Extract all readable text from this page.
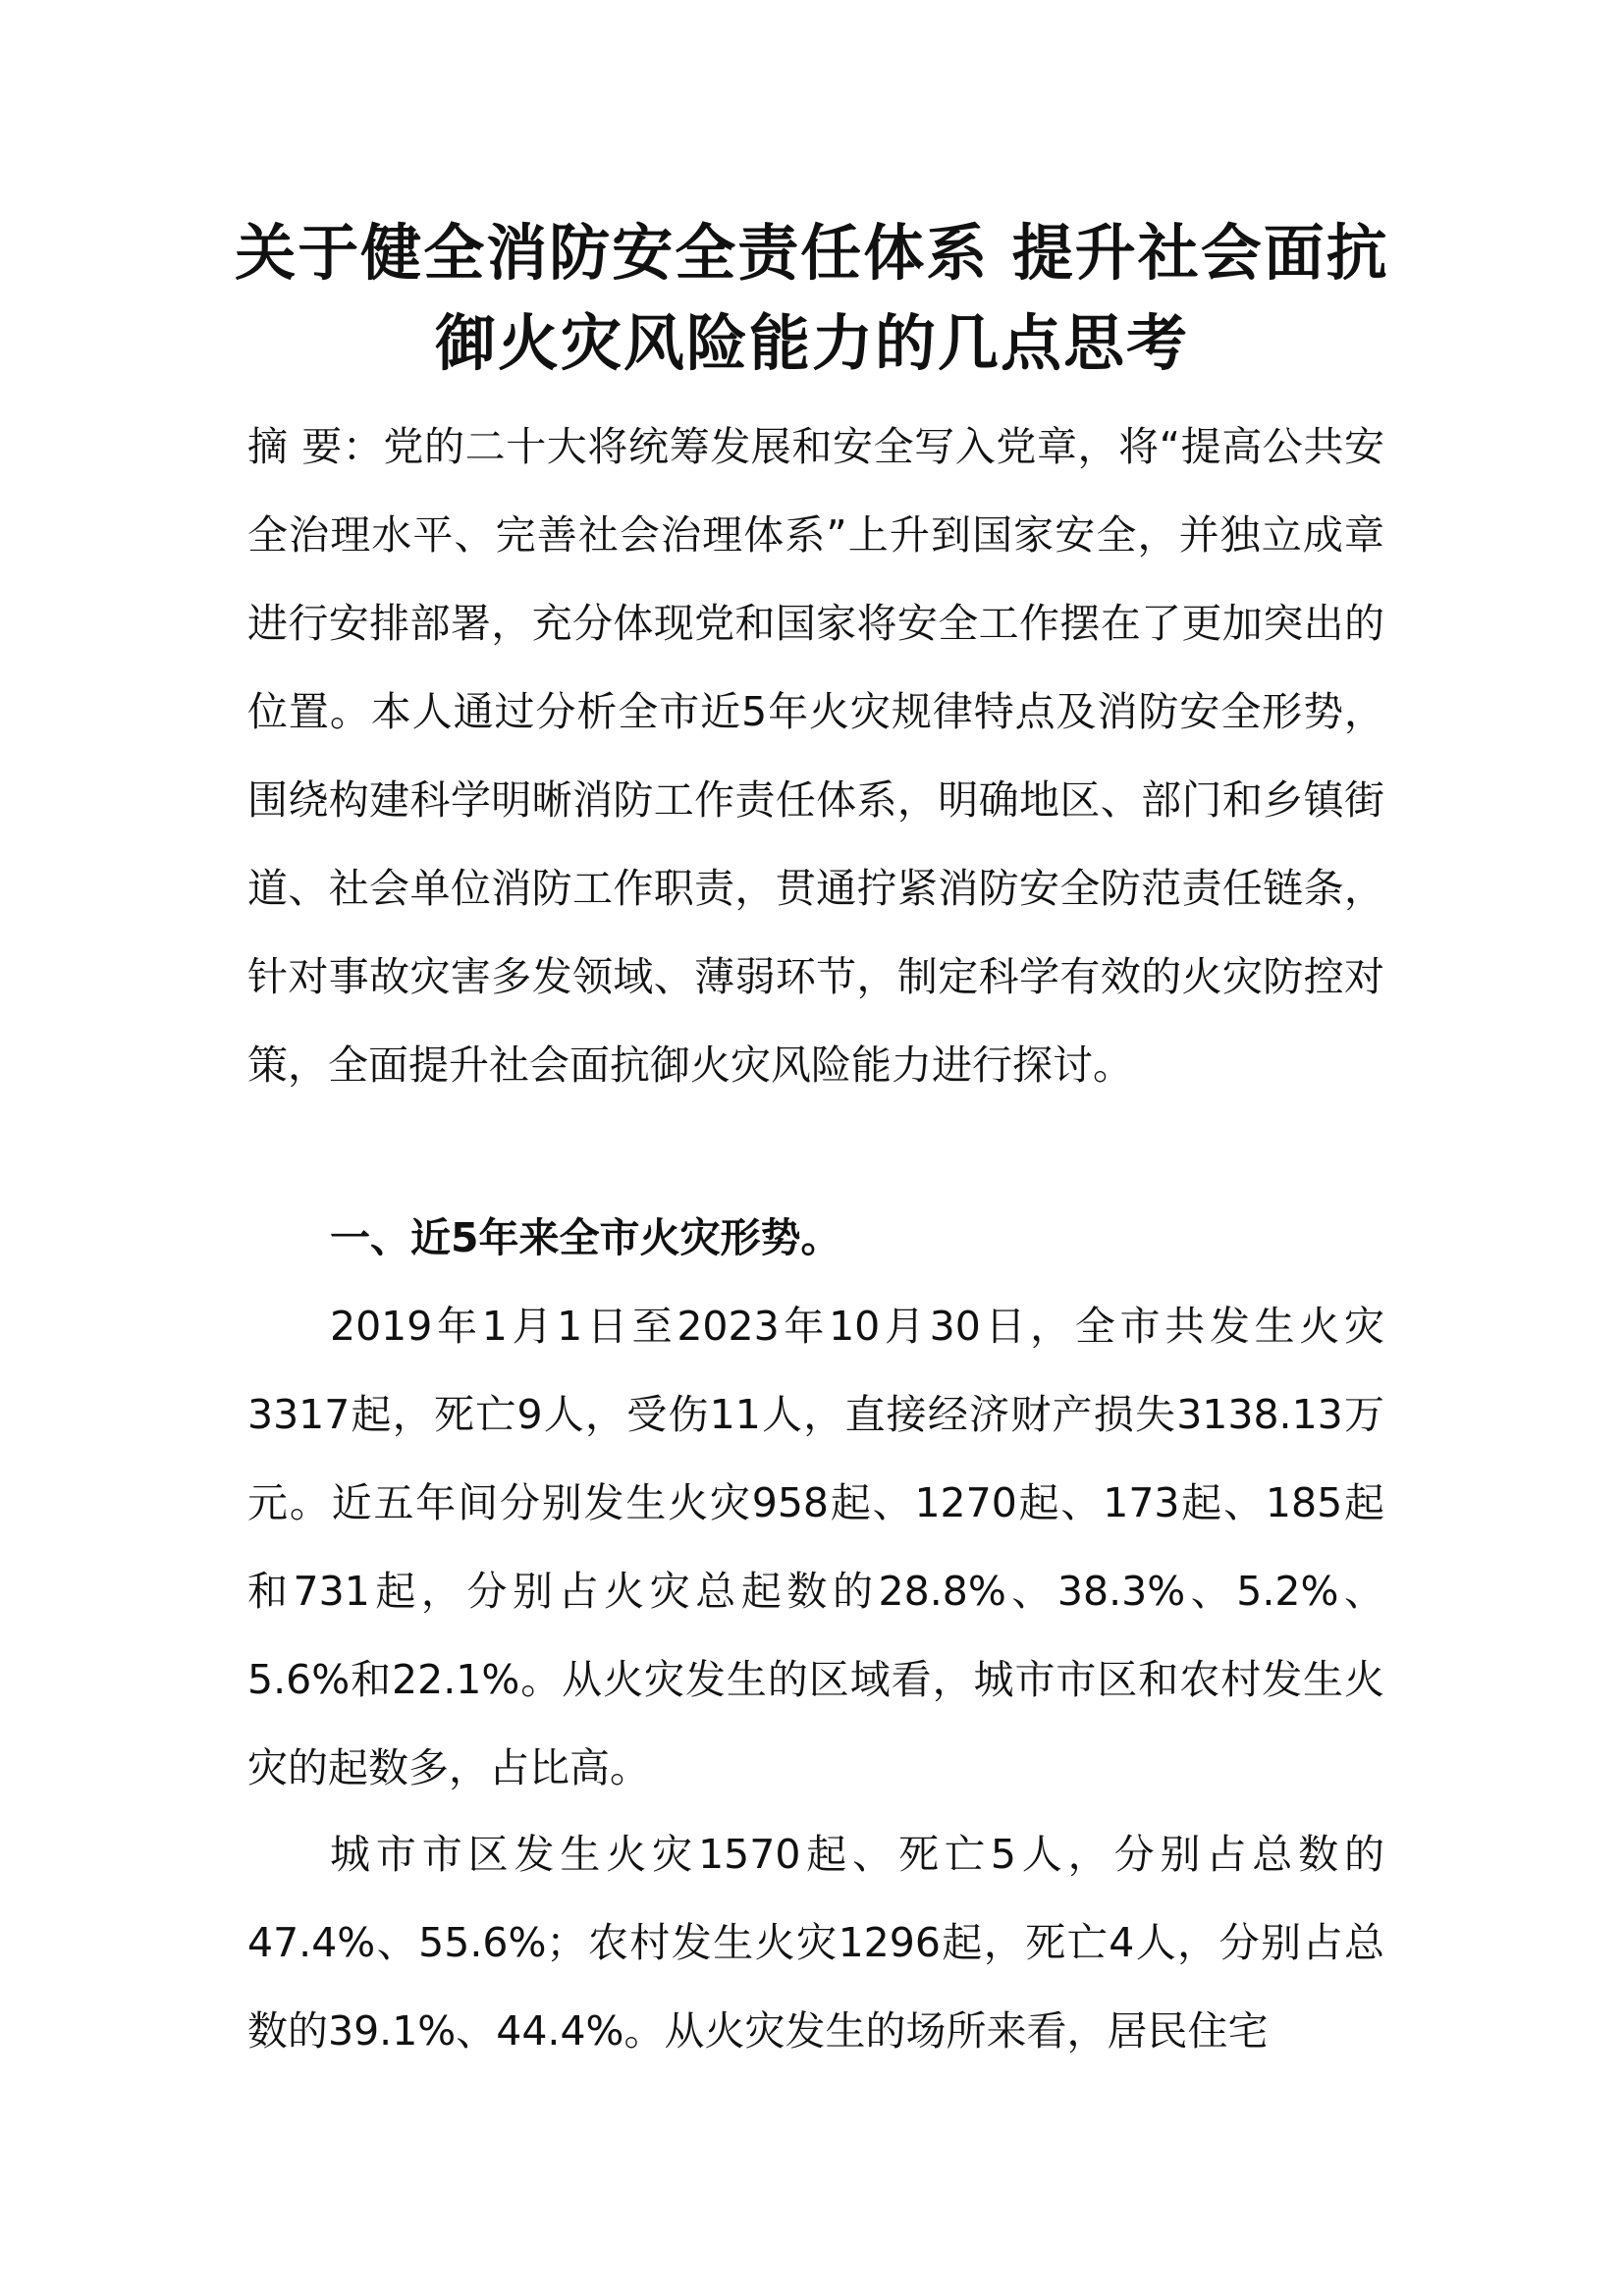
关于健全消防安全责任体系 提升社会面抗
御火灾风险能力的几点思考

摘 要：党的二十大将统筹发展和安全写入党章，将“提高公共安全治理水平、完善社会治理体系”上升到国家安全，并独立成章进行安排部署，充分体现党和国家将安全工作摆在了更加突出的位置。本人通过分析全市近5年火灾规律特点及消防安全形势，围绕构建科学明晰消防工作责任体系，明确地区、部门和乡镇街道、社会单位消防工作职责，贯通拧紧消防安全防范责任链条，针对事故灾害多发领域、薄弱环节，制定科学有效的火灾防控对策，全面提升社会面抗御火灾风险能力进行探讨。

一、近5年来全市火灾形势。

2019年1月1日至2023年10月30日，全市共发生火灾3317起，死亡9人，受伤11人，直接经济财产损失3138.13万元。近五年间分别发生火灾958起、1270起、173起、185起和731起，分别占火灾总起数的28.8%、38.3%、5.2%、5.6%和22.1%。从火灾发生的区域看，城市市区和农村发生火灾的起数多，占比高。

城市市区发生火灾1570起、死亡5人，分别占总数的47.4%、55.6%；农村发生火灾1296起，死亡4人，分别占总数的39.1%、44.4%。从火灾发生的场所来看，居民住宅
